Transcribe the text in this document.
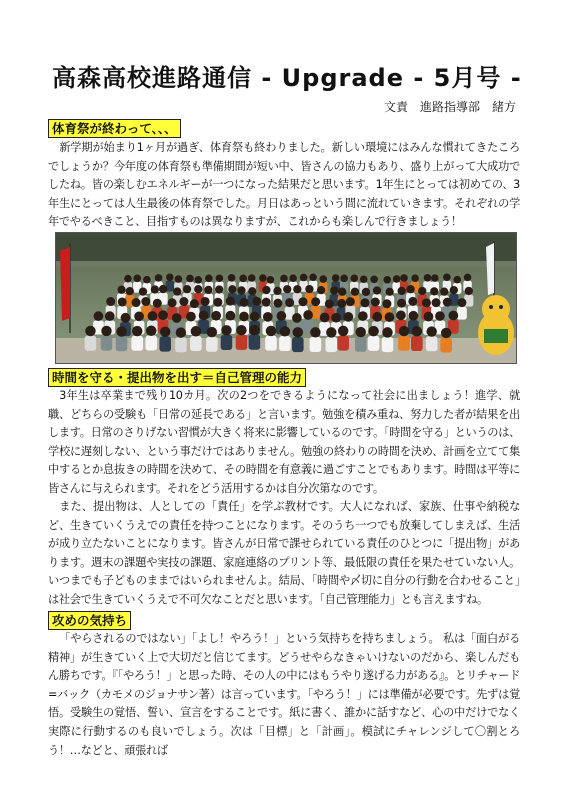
高森高校進路通信 - Upgrade - 5月号 -
文責　進路指導部　緒方
体育祭が終わって、、、

新学期が始まり1ヶ月が過ぎ、体育祭も終わりました。新しい環境にはみんな慣れてきたころでしょうか？今年度の体育祭も準備期間が短い中、皆さんの協力もあり、盛り上がって大成功でしたね。皆の楽しむエネルギーが一つになった結果だと思います。1年生にとっては初めての、3年生にとっては人生最後の体育祭でした。月日はあっという間に流れていきます。それぞれの学年でやるべきこと、目指すものは異なりますが、これからも楽しんで行きましょう！

時間を守る・提出物を出す＝自己管理の能力

3年生は卒業まで残り10カ月。次の2つをできるようになって社会に出ましょう！進学、就職、どちらの受験も「日常の延長である」と言います。勉強を積み重ね、努力した者が結果を出します。日常のさりげない習慣が大きく将来に影響しているのです。「時間を守る」というのは、学校に遅刻しない、という事だけではありません。勉強の終わりの時間を決め、計画を立てて集中するとか息抜きの時間を決めて、その時間を有意義に過ごすことでもあります。時間は平等に皆さんに与えられます。それをどう活用するかは自分次第なのです。

また、提出物は、人としての「責任」を学ぶ教材です。大人になれば、家族、仕事や納税など、生きていくうえでの責任を持つことになります。そのうち一つでも放棄してしまえば、生活が成り立たないことになります。皆さんが日常で課せられている責任のひとつに「提出物」があります。週末の課題や実技の課題、家庭連絡のプリント等、最低限の責任を果たせていない人。いつまでも子どものままではいられませんよ。結局、「時間や〆切に自分の行動を合わせること」は社会で生きていくうえで不可欠なことだと思います。「自己管理能力」とも言えますね。

攻めの気持ち

「やらされるのではない」「よし！やろう！」という気持ちを持ちましょう。 私は「面白がる精神」が生きていく上で大切だと信じてます。どうせやらなきゃいけないのだから、楽しんだもん勝ちです。『「やろう！」と思った時、その人の中にはもうやり遂げる力がある』。とリチャード=バック（カモメのジョナサン著）は言っています。「やろう！」には準備が必要です。先ずは覚悟。受験生の覚悟、誓い、宣言をすることです。紙に書く、誰かに話すなど、心の中だけでなく実際に行動するのも良いでしょう。次は「目標」と「計画」。模試にチャレンジして〇割とろう！…などと、頑張れば
